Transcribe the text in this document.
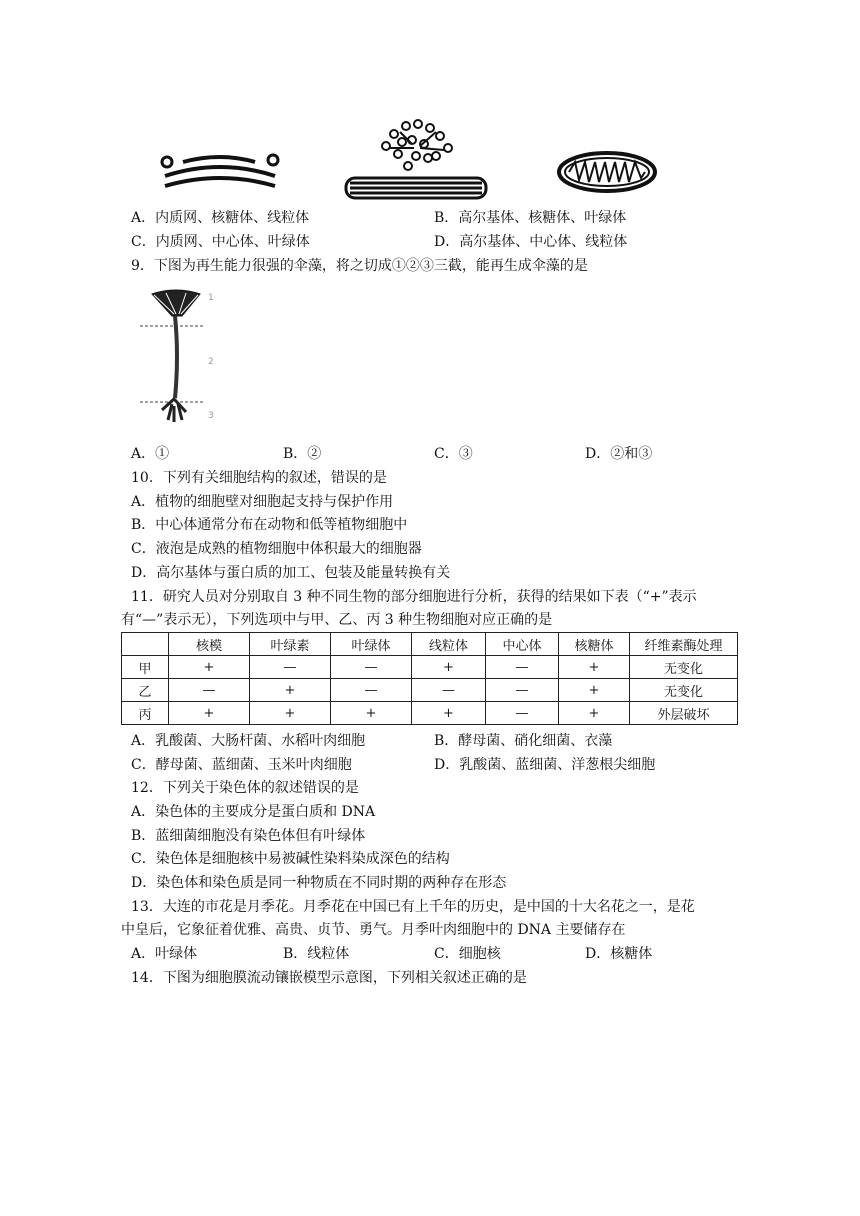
A．内质网、核糖体、线粒体	B．高尔基体、核糖体、叶绿体
C．内质网、中心体、叶绿体	D．高尔基体、中心体、线粒体
9．下图为再生能力很强的伞藻，将之切成①②③三截，能再生成伞藻的是
1
2
3
A．①	B．②	C．③	D．②和③
10．下列有关细胞结构的叙述，错误的是
A．植物的细胞壁对细胞起支持与保护作用
B．中心体通常分布在动物和低等植物细胞中
C．液泡是成熟的植物细胞中体积最大的细胞器
D．高尔基体与蛋白质的加工、包装及能量转换有关
11．研究人员对分别取自 3 种不同生物的部分细胞进行分析，获得的结果如下表（“+”表示
有“—”表示无），下列选项中与甲、乙、丙 3 种生物细胞对应正确的是
	核模	叶绿素	叶绿体	线粒体	中心体	核糖体	纤维素酶处理
甲	+	—	—	+	—	+	无变化
乙	—	+	—	—	—	+	无变化
丙	+	+	+	+	—	+	外层破坏
A．乳酸菌、大肠杆菌、水稻叶肉细胞	B．酵母菌、硝化细菌、衣藻
C．酵母菌、蓝细菌、玉米叶肉细胞	D．乳酸菌、蓝细菌、洋葱根尖细胞
12．下列关于染色体的叙述错误的是
A．染色体的主要成分是蛋白质和 DNA
B．蓝细菌细胞没有染色体但有叶绿体
C．染色体是细胞核中易被碱性染料染成深色的结构
D．染色体和染色质是同一种物质在不同时期的两种存在形态
13．大连的市花是月季花。月季花在中国已有上千年的历史，是中国的十大名花之一，是花
中皇后，它象征着优雅、高贵、贞节、勇气。月季叶肉细胞中的 DNA 主要储存在
A．叶绿体	B．线粒体	C．细胞核	D．核糖体
14．下图为细胞膜流动镶嵌模型示意图，下列相关叙述正确的是
